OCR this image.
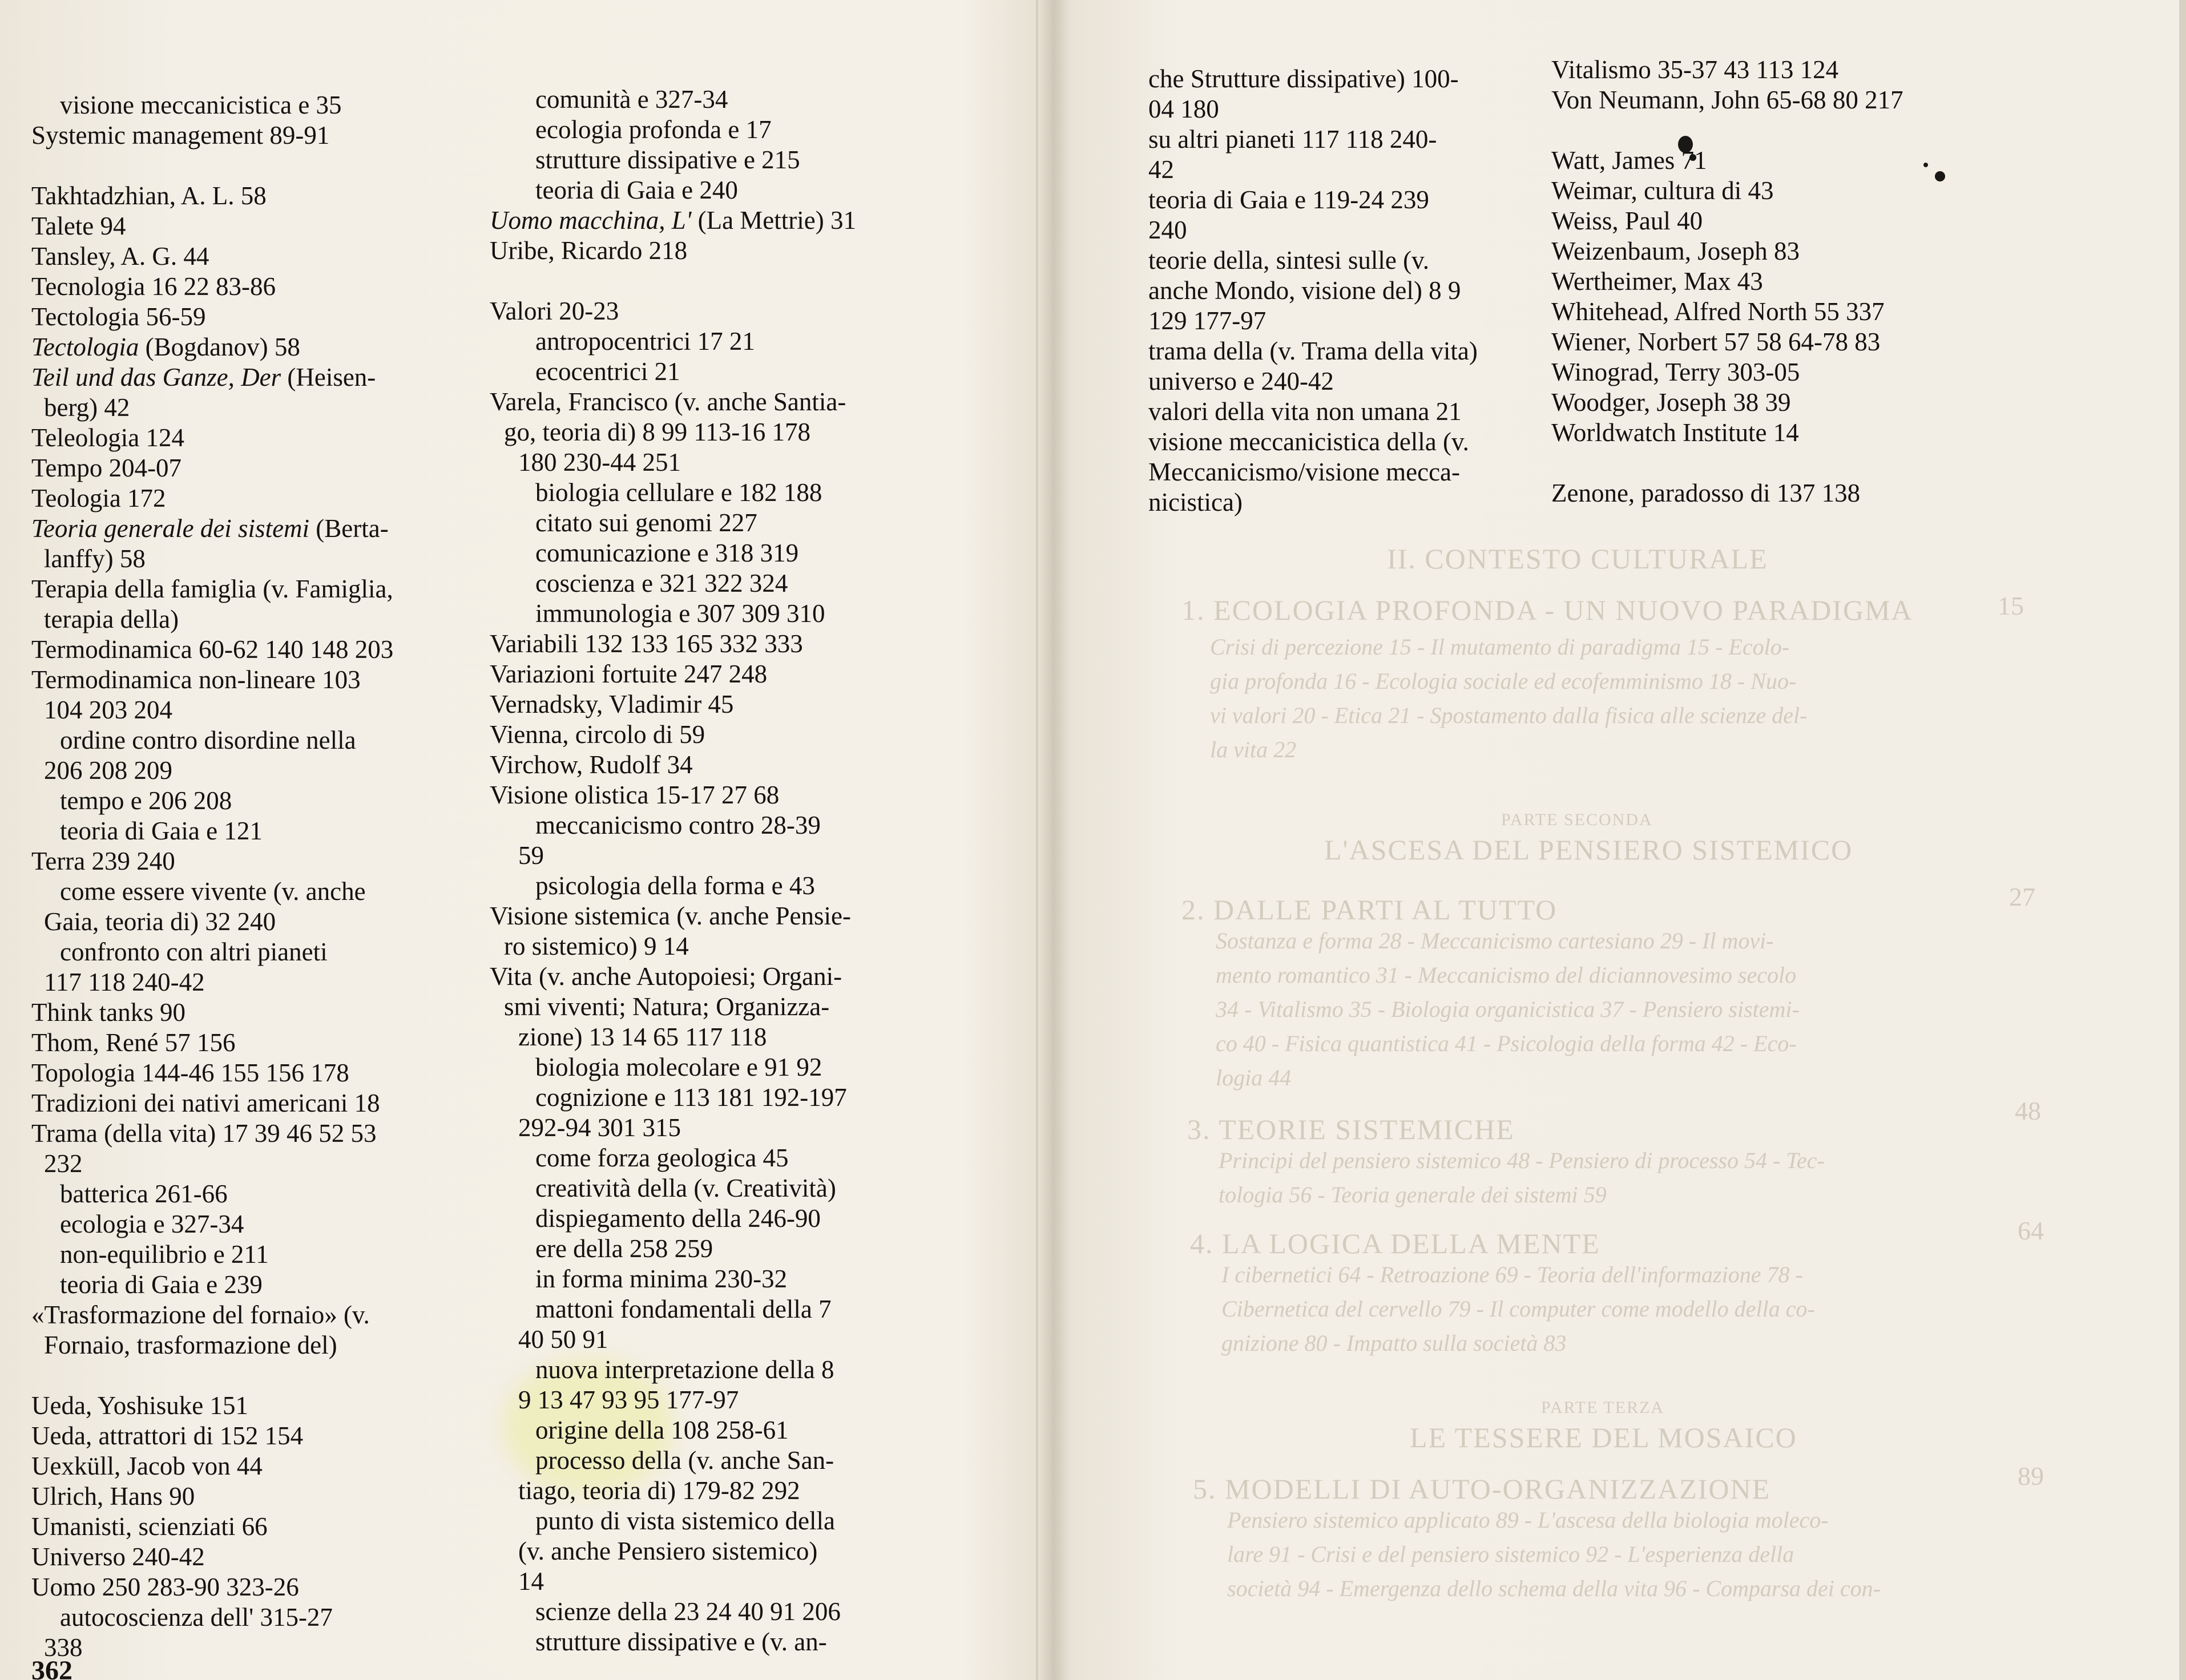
II. CONTESTO CULTURALE
15
1. ECOLOGIA PROFONDA - UN NUOVO PARADIGMA
Crisi di percezione 15 - Il mutamento di paradigma 15 - Ecolo-
gia profonda 16 - Ecologia sociale ed ecofemminismo 18 - Nuo-
vi valori 20 - Etica 21 - Spostamento dalla fisica alle scienze del-
la vita 22
PARTE SECONDA
L'ASCESA DEL PENSIERO SISTEMICO
27
2. DALLE PARTI AL TUTTO
Sostanza e forma 28 - Meccanicismo cartesiano 29 - Il movi-
mento romantico 31 - Meccanicismo del diciannovesimo secolo
34 - Vitalismo 35 - Biologia organicistica 37 - Pensiero sistemi-
co 40 - Fisica quantistica 41 - Psicologia della forma 42 - Eco-
logia 44
48
3. TEORIE SISTEMICHE
Principi del pensiero sistemico 48 - Pensiero di processo 54 - Tec-
tologia 56 - Teoria generale dei sistemi 59
64
4. LA LOGICA DELLA MENTE
I cibernetici 64 - Retroazione 69 - Teoria dell'informazione 78 -
Cibernetica del cervello 79 - Il computer come modello della co-
gnizione 80 - Impatto sulla società 83
PARTE TERZA
LE TESSERE DEL MOSAICO
89
5. MODELLI DI AUTO-ORGANIZZAZIONE
Pensiero sistemico applicato 89 - L'ascesa della biologia moleco-
lare 91 - Crisi e del pensiero sistemico 92 - L'esperienza della
società 94 - Emergenza dello schema della vita 96 - Comparsa dei con-
visione meccanicistica e 35
Systemic management 89-91
Takhtadzhian, A. L. 58
Talete 94
Tansley, A. G. 44
Tecnologia 16 22 83-86
Tectologia 56-59
Tectologia (Bogdanov) 58
Teil und das Ganze, Der (Heisen-
berg) 42
Teleologia 124
Tempo 204-07
Teologia 172
Teoria generale dei sistemi (Berta-
lanffy) 58
Terapia della famiglia (v. Famiglia,
terapia della)
Termodinamica 60-62 140 148 203
Termodinamica non-lineare 103
104 203 204
ordine contro disordine nella
206 208 209
tempo e 206 208
teoria di Gaia e 121
Terra 239 240
come essere vivente (v. anche
Gaia, teoria di) 32 240
confronto con altri pianeti
117 118 240-42
Think tanks 90
Thom, René 57 156
Topologia 144-46 155 156 178
Tradizioni dei nativi americani 18
Trama (della vita) 17 39 46 52 53
232
batterica 261-66
ecologia e 327-34
non-equilibrio e 211
teoria di Gaia e 239
«Trasformazione del fornaio» (v.
Fornaio, trasformazione del)
Ueda, Yoshisuke 151
Ueda, attrattori di 152 154
Uexküll, Jacob von 44
Ulrich, Hans 90
Umanisti, scienziati 66
Universo 240-42
Uomo 250 283-90 323-26
autocoscienza dell' 315-27
338
comunità e 327-34
ecologia profonda e 17
strutture dissipative e 215
teoria di Gaia e 240
Uomo macchina, L' (La Mettrie) 31
Uribe, Ricardo 218
Valori 20-23
antropocentrici 17 21
ecocentrici 21
Varela, Francisco (v. anche Santia-
go, teoria di) 8 99 113-16 178
180 230-44 251
biologia cellulare e 182 188
citato sui genomi 227
comunicazione e 318 319
coscienza e 321 322 324
immunologia e 307 309 310
Variabili 132 133 165 332 333
Variazioni fortuite 247 248
Vernadsky, Vladimir 45
Vienna, circolo di 59
Virchow, Rudolf 34
Visione olistica 15-17 27 68
meccanicismo contro 28-39
59
psicologia della forma e 43
Visione sistemica (v. anche Pensie-
ro sistemico) 9 14
Vita (v. anche Autopoiesi; Organi-
smi viventi; Natura; Organizza-
zione) 13 14 65 117 118
biologia molecolare e 91 92
cognizione e 113 181 192-197
292-94 301 315
come forza geologica 45
creatività della (v. Creatività)
dispiegamento della 246-90
ere della 258 259
in forma minima 230-32
mattoni fondamentali della 7
40 50 91
nuova interpretazione della 8
9 13 47 93 95 177-97
origine della 108 258-61
processo della (v. anche San-
tiago, teoria di) 179-82 292
punto di vista sistemico della
(v. anche Pensiero sistemico)
14
scienze della 23 24 40 91 206
strutture dissipative e (v. an-
che Strutture dissipative) 100-
04 180
su altri pianeti 117 118 240-
42
teoria di Gaia e 119-24 239
240
teorie della, sintesi sulle (v.
anche Mondo, visione del) 8 9
129 177-97
trama della (v. Trama della vita)
universo e 240-42
valori della vita non umana 21
visione meccanicistica della (v.
Meccanicismo/visione mecca-
nicistica)
Vitalismo 35-37 43 113 124
Von Neumann, John 65-68 80 217
Watt, James 71
Weimar, cultura di 43
Weiss, Paul 40
Weizenbaum, Joseph 83
Wertheimer, Max 43
Whitehead, Alfred North 55 337
Wiener, Norbert 57 58 64-78 83
Winograd, Terry 303-05
Woodger, Joseph 38 39
Worldwatch Institute 14
Zenone, paradosso di 137 138
362
